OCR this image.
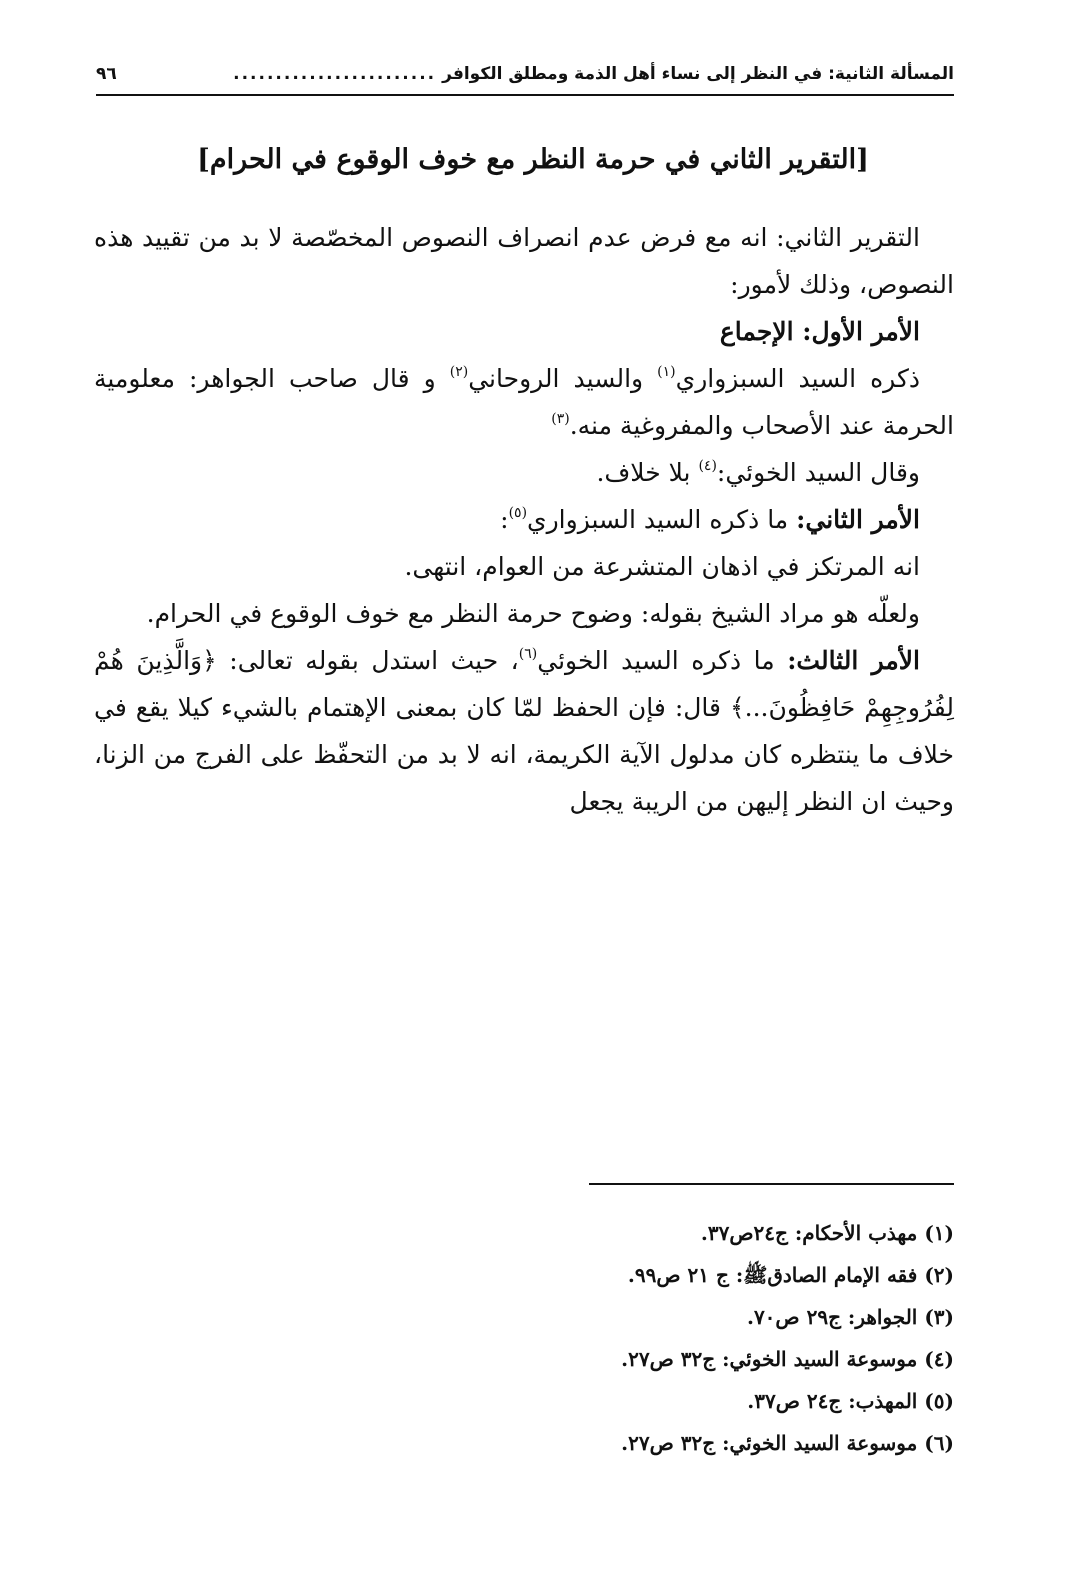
المسألة الثانية: في النظر إلى نساء أهل الذمة ومطلق الكوافر
........................
٩٦
[التقرير الثاني في حرمة النظر مع خوف الوقوع في الحرام]

التقرير الثاني: انه مع فرض عدم انصراف النصوص المخصّصة لا بد من تقييد هذه النصوص، وذلك لأمور:

الأمر الأول: الإجماع

ذكره السيد السبزواري$^{(١)}$ والسيد الروحاني$^{(٢)}$ و قال صاحب الجواهر: معلومية الحرمة عند الأصحاب والمفروغية منه.$^{(٣)}$

وقال السيد الخوئي:$^{(٤)}$ بلا خلاف.

الأمر الثاني: ما ذكره السيد السبزواري$^{(٥)}$:

انه المرتكز في اذهان المتشرعة من العوام، انتهى.

ولعلّه هو مراد الشيخ بقوله: وضوح حرمة النظر مع خوف الوقوع في الحرام.

الأمر الثالث: ما ذكره السيد الخوئي$^{(٦)}$، حيث استدل بقوله تعالى: ﴿وَالَّذِينَ هُمْ لِفُرُوجِهِمْ حَافِظُونَ...﴾ قال: فإن الحفظ لمّا كان بمعنى الإهتمام بالشيء كيلا يقع في خلاف ما ينتظره كان مدلول الآية الكريمة، انه لا بد من التحفّظ على الفرج من الزنا، وحيث ان النظر إليهن من الريبة يجعل

(١) مهذب الأحكام: ج٢٤ص٣٧.
(٢) فقه الإمام الصادق‌ﷺ: ج ٢١ ص٩٩.
(٣) الجواهر: ج٢٩ ص٧٠.
(٤) موسوعة السيد الخوئي: ج٣٢ ص٢٧.
(٥) المهذب: ج٢٤ ص٣٧.
(٦) موسوعة السيد الخوئي: ج٣٢ ص٢٧.
